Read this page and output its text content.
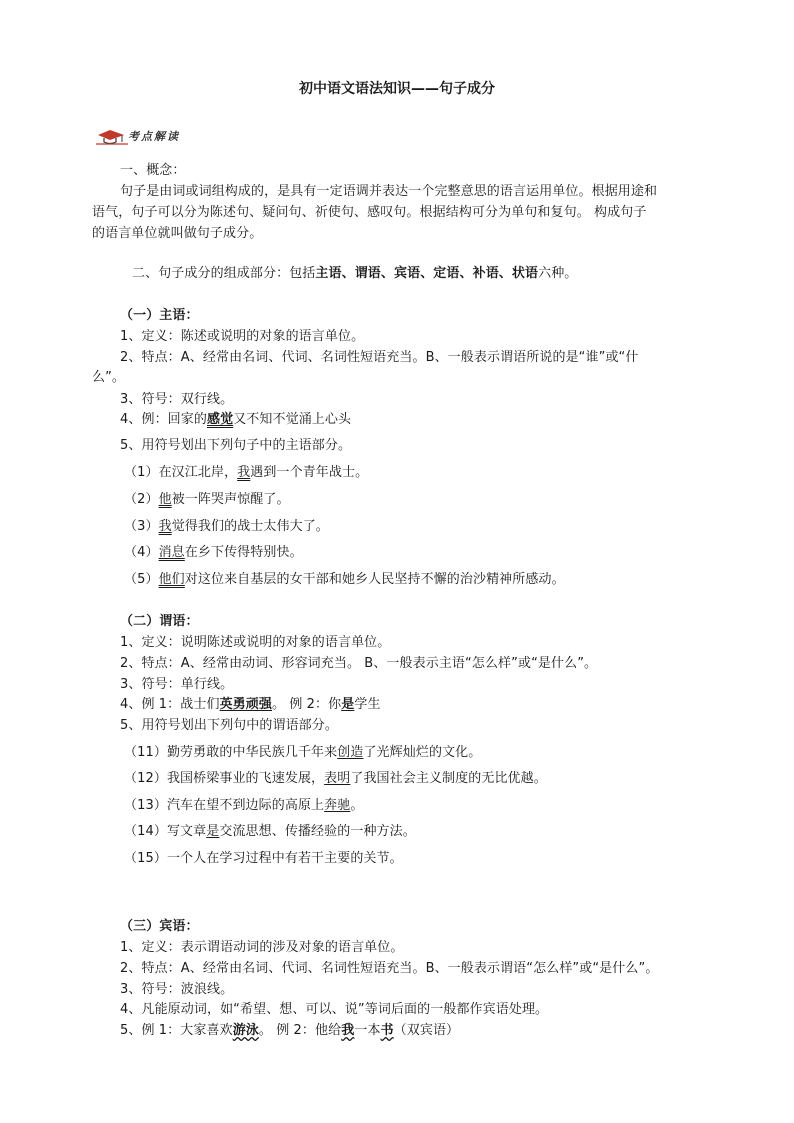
初中语文语法知识——句子成分
考点解读
一、概念：
句子是由词或词组构成的，是具有一定语调并表达一个完整意思的语言运用单位。根据用途和
语气，句子可以分为陈述句、疑问句、祈使句、感叹句。根据结构可分为单句和复句。 构成句子
的语言单位就叫做句子成分。
二、句子成分的组成部分：包括主语、谓语、宾语、定语、补语、状语六种。
（一）主语：
1、定义：陈述或说明的对象的语言单位。
2、特点：A、经常由名词、代词、名词性短语充当。B、一般表示谓语所说的是“谁”或“什
么”。
3、符号：双行线。
4、例：回家的感觉又不知不觉涌上心头
5、用符号划出下列句子中的主语部分。
（1）在汉江北岸，我遇到一个青年战士。
（2）他被一阵哭声惊醒了。
（3）我觉得我们的战士太伟大了。
（4）消息在乡下传得特别快。
（5）他们对这位来自基层的女干部和她乡人民坚持不懈的治沙精神所感动。
（二）谓语：
1、定义：说明陈述或说明的对象的语言单位。
2、特点：A、经常由动词、形容词充当。 B、一般表示主语“怎么样”或“是什么”。
3、符号：单行线。
4、例 1：战士们英勇顽强。 例 2：你是学生
5、用符号划出下列句中的谓语部分。
（11）勤劳勇敢的中华民族几千年来创造了光辉灿烂的文化。
（12）我国桥梁事业的飞速发展，表明了我国社会主义制度的无比优越。
（13）汽车在望不到边际的高原上奔驰。
（14）写文章是交流思想、传播经验的一种方法。
（15）一个人在学习过程中有若干主要的关节。
（三）宾语：
1、定义：表示谓语动词的涉及对象的语言单位。
2、特点：A、经常由名词、代词、名词性短语充当。B、一般表示谓语“怎么样”或“是什么”。
3、符号：波浪线。
4、凡能原动词，如“希望、想、可以、说”等词后面的一般都作宾语处理。
5、例 1：大家喜欢游泳。 例 2：他给我一本书（双宾语）
